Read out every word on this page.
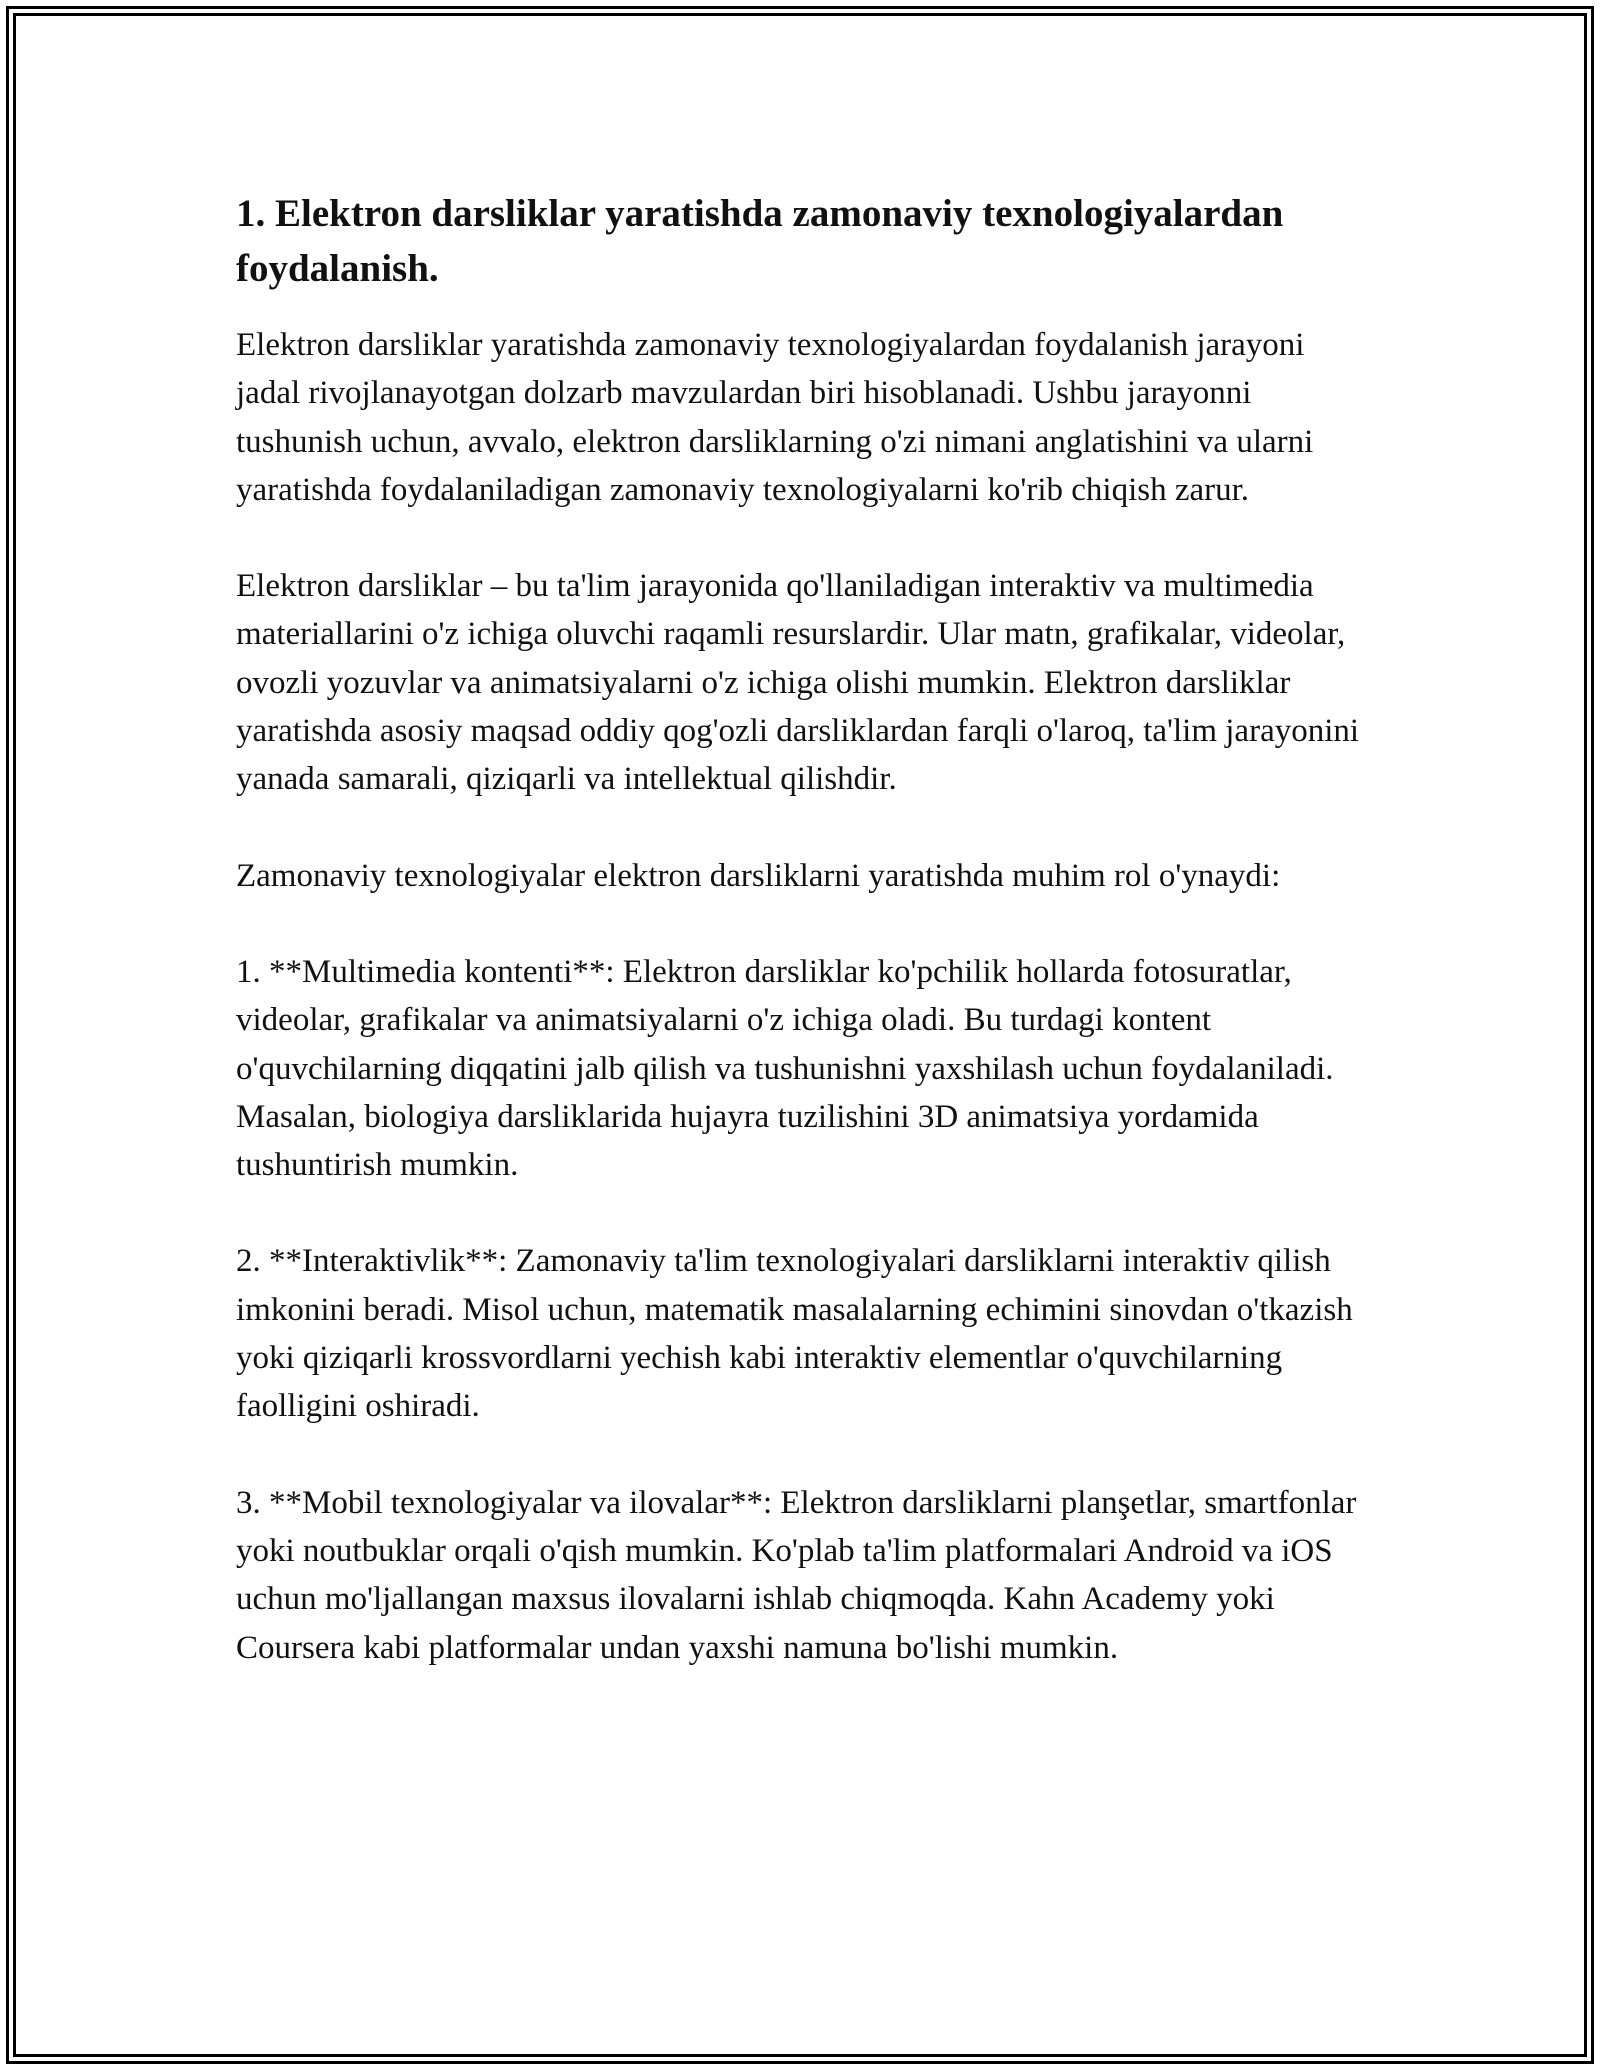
1. Elektron darsliklar yaratishda zamonaviy texnologiyalardan foydalanish.

Elektron darsliklar yaratishda zamonaviy texnologiyalardan foydalanish jarayoni jadal rivojlanayotgan dolzarb mavzulardan biri hisoblanadi. Ushbu jarayonni tushunish uchun, avvalo, elektron darsliklarning o'zi nimani anglatishini va ularni yaratishda foydalaniladigan zamonaviy texnologiyalarni ko'rib chiqish zarur.

Elektron darsliklar – bu ta'lim jarayonida qo'llaniladigan interaktiv va multimedia materiallarini o'z ichiga oluvchi raqamli resurslardir. Ular matn, grafikalar, videolar, ovozli yozuvlar va animatsiyalarni o'z ichiga olishi mumkin. Elektron darsliklar yaratishda asosiy maqsad oddiy qog'ozli darsliklardan farqli o'laroq, ta'lim jarayonini yanada samarali, qiziqarli va intellektual qilishdir.

Zamonaviy texnologiyalar elektron darsliklarni yaratishda muhim rol o'ynaydi:

1. **Multimedia kontenti**: Elektron darsliklar ko'pchilik hollarda fotosuratlar, videolar, grafikalar va animatsiyalarni o'z ichiga oladi. Bu turdagi kontent o'quvchilarning diqqatini jalb qilish va tushunishni yaxshilash uchun foydalaniladi. Masalan, biologiya darsliklarida hujayra tuzilishini 3D animatsiya yordamida tushuntirish mumkin.

2. **Interaktivlik**: Zamonaviy ta'lim texnologiyalari darsliklarni interaktiv qilish imkonini beradi. Misol uchun, matematik masalalarning echimini sinovdan o'tkazish yoki qiziqarli krossvordlarni yechish kabi interaktiv elementlar o'quvchilarning faolligini oshiradi.

3. **Mobil texnologiyalar va ilovalar**: Elektron darsliklarni planşetlar, smartfonlar yoki noutbuklar orqali o'qish mumkin. Ko'plab ta'lim platformalari Android va iOS uchun mo'ljallangan maxsus ilovalarni ishlab chiqmoqda. Kahn Academy yoki Coursera kabi platformalar undan yaxshi namuna bo'lishi mumkin.
